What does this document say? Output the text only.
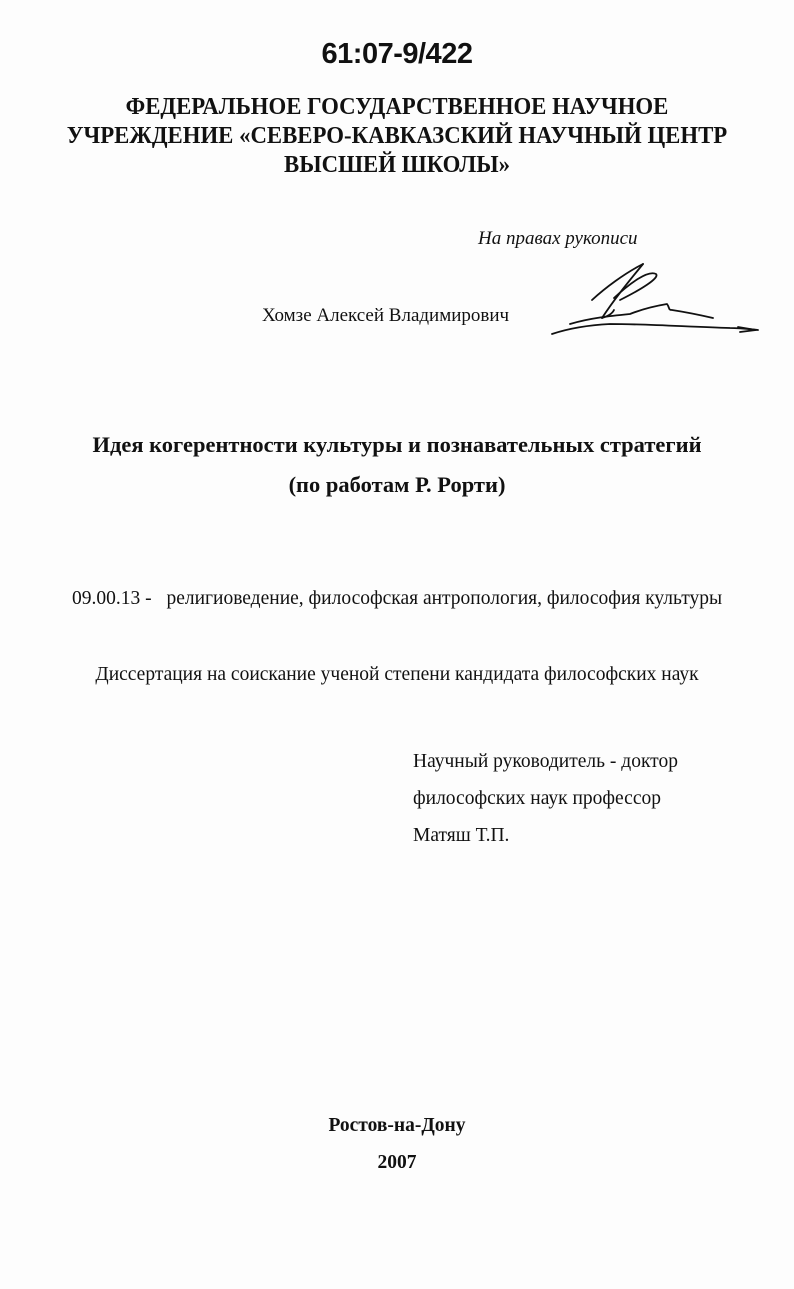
61:07-9/422
ФЕДЕРАЛЬНОЕ ГОСУДАРСТВЕННОЕ НАУЧНОЕ
УЧРЕЖДЕНИЕ «СЕВЕРО-КАВКАЗСКИЙ НАУЧНЫЙ ЦЕНТР
ВЫСШЕЙ ШКОЛЫ»
На правах рукописи
Хомзе Алексей Владимирович
Идея когерентности культуры и познавательных стратегий
(по работам Р. Рорти)
09.00.13 - религиоведение, философская антропология, философия культуры
Диссертация на соискание ученой степени кандидата философских наук
Научный руководитель - доктор
философских наук профессор
Матяш Т.П.
Ростов-на-Дону
2007
